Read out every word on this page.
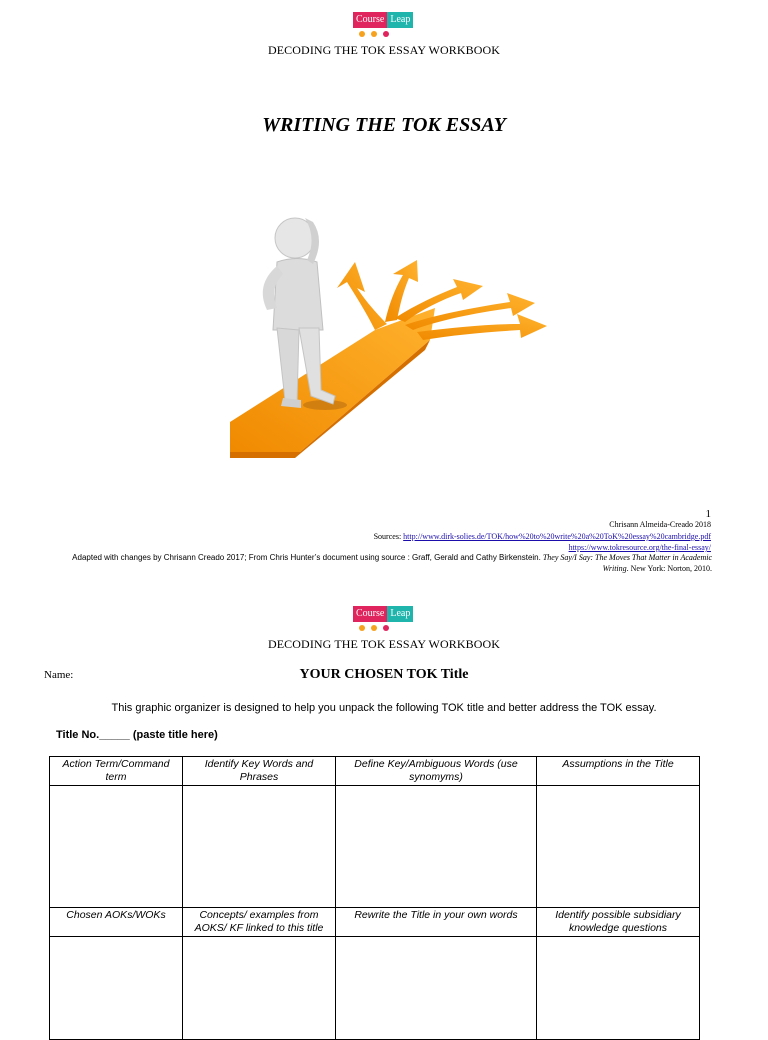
Course Leap
DECODING THE TOK ESSAY WORKBOOK
WRITING THE TOK ESSAY
1
Chrisann Almeida-Creado 2018
Sources: http://www.dirk-solies.de/TOK/how%20to%20write%20a%20ToK%20essay%20cambridge.pdf
https://www.tokresource.org/the-final-essay/
Adapted with changes by Chrisann Creado 2017; From Chris Hunter’s document using source : Graff, Gerald and Cathy Birkenstein. They Say/I Say: The Moves That Matter in Academic Writing. New York: Norton, 2010.
Course Leap
DECODING THE TOK ESSAY WORKBOOK
Name:	YOUR CHOSEN TOK Title
This graphic organizer is designed to help you unpack the following TOK title and better address the TOK essay.
Title No._____ (paste title here)
Action Term/Command term	Identify Key Words and Phrases	Define Key/Ambiguous Words (use synomyms)	Assumptions in the Title

Chosen AOKs/WOKs	Concepts/ examples from AOKS/ KF linked to this title	Rewrite the Title in your own words	Identify possible subsidiary knowledge questions
